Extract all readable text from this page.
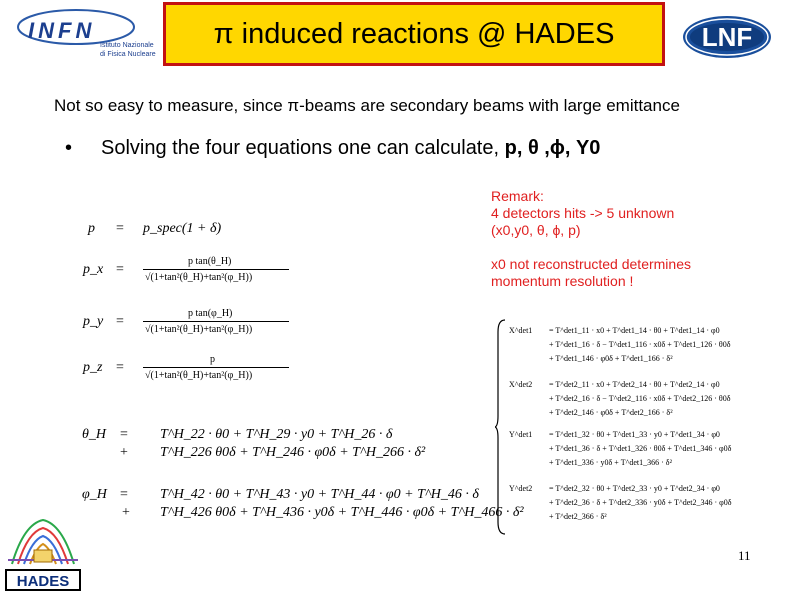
INFN
Istituto Nazionale
di Fisica Nucleare
π induced reactions @ HADES	LNF
Not so easy to measure, since π-beams are secondary beams with large emittance
• Solving the four equations one can calculate, p, θ ,ϕ, Y0
Remark:
4 detectors hits -> 5 unknown
(x0,y0, θ, ϕ, p)
x0 not reconstructed determines
momentum resolution !
p = p_spec(1 + δ)
p_x =
p tan(θ_H)
√(1+tan²(θ_H)+tan²(φ_H))
p_y =
p tan(φ_H)
√(1+tan²(θ_H)+tan²(φ_H))
p_z =
p
√(1+tan²(θ_H)+tan²(φ_H))
θ_H =
+
T^H_22 · θ0 + T^H_29 · y0 + T^H_26 · δ
T^H_226 θ0δ + T^H_246 · φ0δ + T^H_266 · δ²
φ_H =
+
T^H_42 · θ0 + T^H_43 · y0 + T^H_44 · φ0 + T^H_46 · δ
T^H_426 θ0δ + T^H_436 · y0δ + T^H_446 · φ0δ + T^H_466 · δ²
X^det1
X^det2
Y^det1
Y^det2
= T^det1_11 · x0 + T^det1_14 · θ0 + T^det1_14 · φ0
+ T^det1_16 · δ − T^det1_116 · x0δ + T^det1_126 · θ0δ
+ T^det1_146 · φ0δ + T^det1_166 · δ²
= T^det2_11 · x0 + T^det2_14 · θ0 + T^det2_14 · φ0
+ T^det2_16 · δ − T^det2_116 · x0δ + T^det2_126 · θ0δ
+ T^det2_146 · φ0δ + T^det2_166 · δ²
= T^det1_32 · θ0 + T^det1_33 · y0 + T^det1_34 · φ0
+ T^det1_36 · δ + T^det1_326 · θ0δ + T^det1_346 · φ0δ
+ T^det1_336 · y0δ + T^det1_366 · δ²
= T^det2_32 · θ0 + T^det2_33 · y0 + T^det2_34 · φ0
+ T^det2_36 · δ + T^det2_336 · y0δ + T^det2_346 · φ0δ
+ T^det2_366 · δ²
HADES
11
